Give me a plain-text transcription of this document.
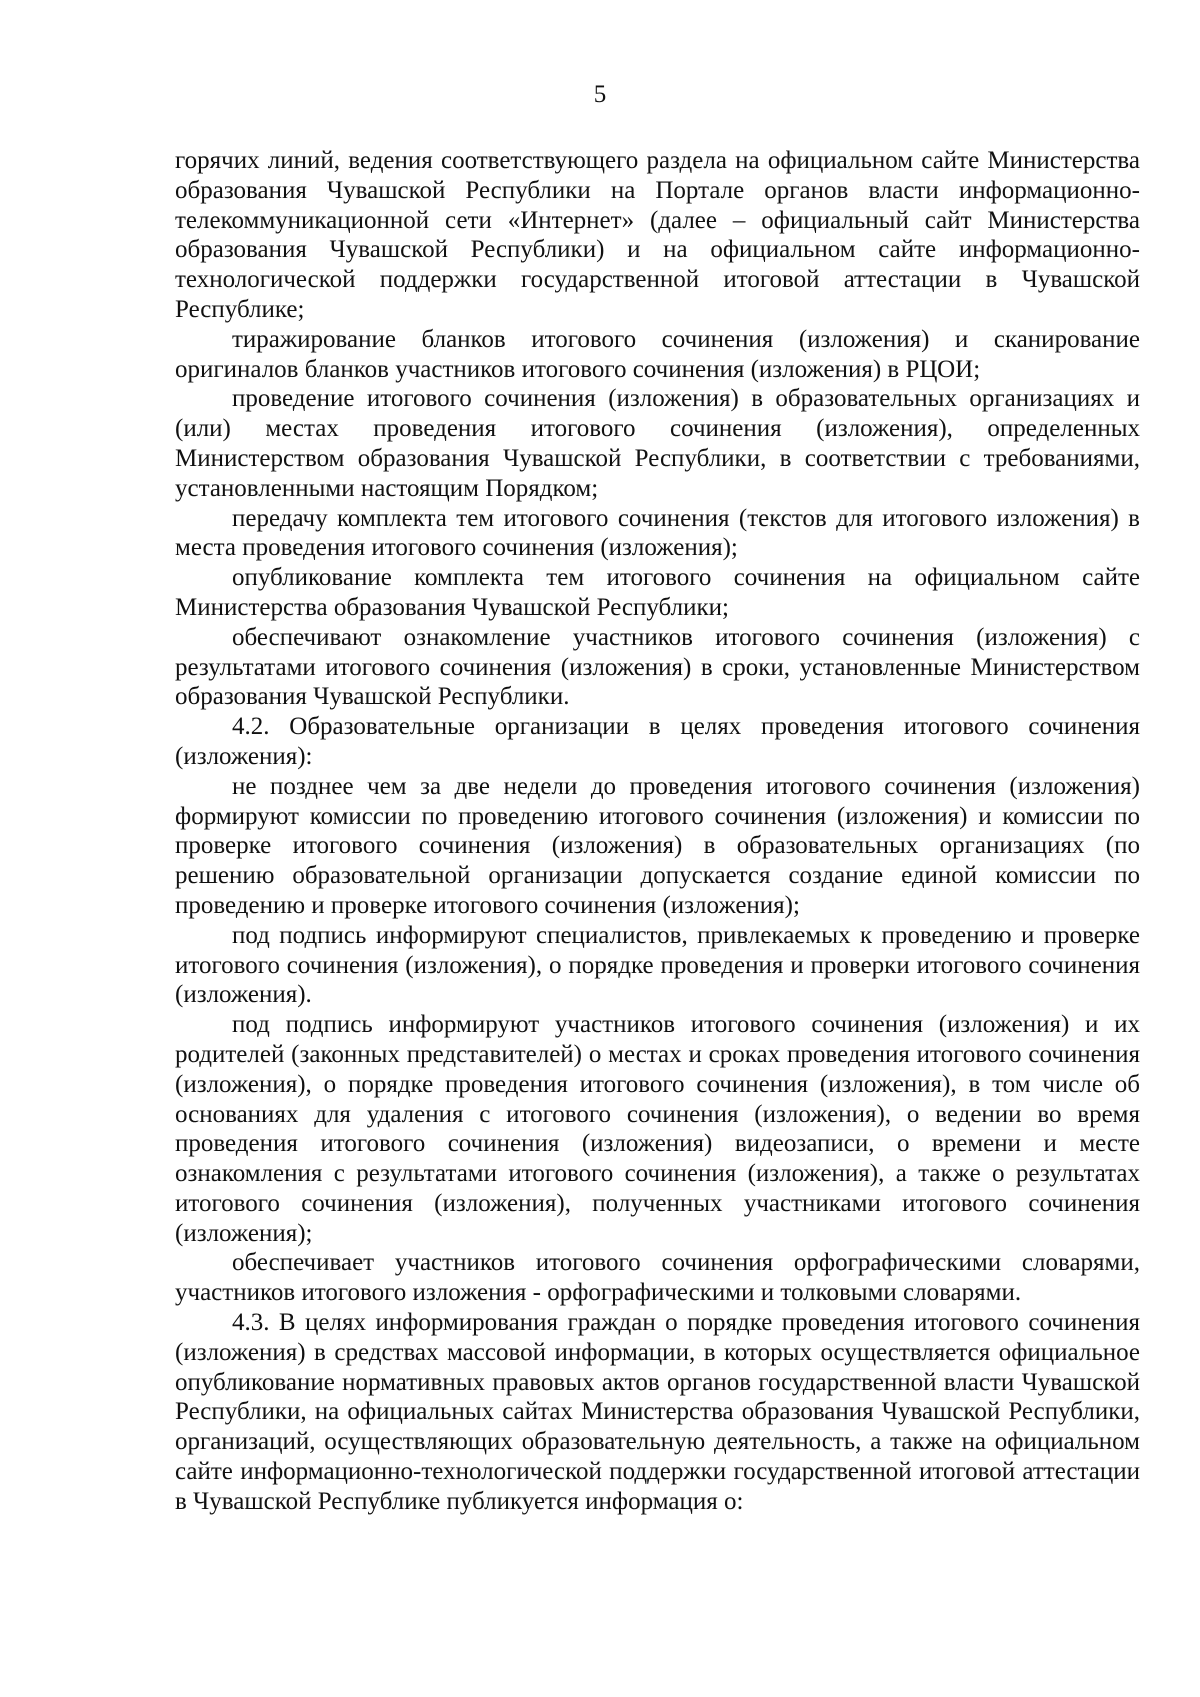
5

горячих линий, ведения соответствующего раздела на официальном сайте Министерства образования Чувашской Республики на Портале органов власти информационно-телекоммуникационной сети «Интернет» (далее – официальный сайт Министерства образования Чувашской Республики) и на официальном сайте информационно-технологической поддержки государственной итоговой аттестации в Чувашской Республике;

тиражирование бланков итогового сочинения (изложения) и сканирование оригиналов бланков участников итогового сочинения (изложения) в РЦОИ;

проведение итогового сочинения (изложения) в образовательных организациях и (или) местах проведения итогового сочинения (изложения), определенных Министерством образования Чувашской Республики, в соответствии с требованиями, установленными настоящим Порядком;

передачу комплекта тем итогового сочинения (текстов для итогового изложения) в места проведения итогового сочинения (изложения);

опубликование комплекта тем итогового сочинения на официальном сайте Министерства образования Чувашской Республики;

обеспечивают ознакомление участников итогового сочинения (изложения) с результатами итогового сочинения (изложения) в сроки, установленные Министерством образования Чувашской Республики.

4.2. Образовательные организации в целях проведения итогового сочинения (изложения):

не позднее чем за две недели до проведения итогового сочинения (изложения) формируют комиссии по проведению итогового сочинения (изложения) и комиссии по проверке итогового сочинения (изложения) в образовательных организациях (по решению образовательной организации допускается создание единой комиссии по проведению и проверке итогового сочинения (изложения);

под подпись информируют специалистов, привлекаемых к проведению и проверке итогового сочинения (изложения), о порядке проведения и проверки итогового сочинения (изложения).

под подпись информируют участников итогового сочинения (изложения) и их родителей (законных представителей) о местах и сроках проведения итогового сочинения (изложения), о порядке проведения итогового сочинения (изложения), в том числе об основаниях для удаления с итогового сочинения (изложения), о ведении во время проведения итогового сочинения (изложения) видеозаписи, о времени и месте ознакомления с результатами итогового сочинения (изложения), а также о результатах итогового сочинения (изложения), полученных участниками итогового сочинения (изложения);

обеспечивает участников итогового сочинения орфографическими словарями, участников итогового изложения - орфографическими и толковыми словарями.

4.3. В целях информирования граждан о порядке проведения итогового сочинения (изложения) в средствах массовой информации, в которых осуществляется официальное опубликование нормативных правовых актов органов государственной власти Чувашской Республики, на официальных сайтах Министерства образования Чувашской Республики, организаций, осуществляющих образовательную деятельность, а также на официальном сайте информационно-технологической поддержки государственной итоговой аттестации в Чувашской Республике публикуется информация о:
